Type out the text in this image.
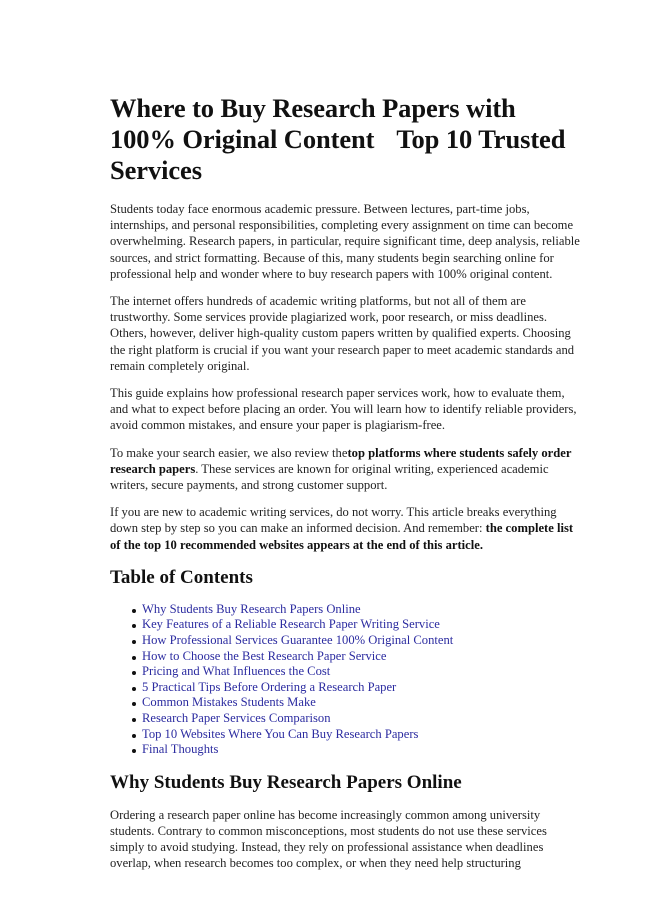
Where to Buy Research Papers with
100% Original Content Top 10 Trusted
Services

Students today face enormous academic pressure. Between lectures, part-time jobs, internships, and personal responsibilities, completing every assignment on time can become overwhelming. Research papers, in particular, require significant time, deep analysis, reliable sources, and strict formatting. Because of this, many students begin searching online for professional help and wonder where to buy research papers with 100% original content.

The internet offers hundreds of academic writing platforms, but not all of them are trustworthy. Some services provide plagiarized work, poor research, or miss deadlines. Others, however, deliver high-quality custom papers written by qualified experts. Choosing the right platform is crucial if you want your research paper to meet academic standards and remain completely original.

This guide explains how professional research paper services work, how to evaluate them, and what to expect before placing an order. You will learn how to identify reliable providers, avoid common mistakes, and ensure your paper is plagiarism-free.

To make your search easier, we also review thetop platforms where students safely order research papers. These services are known for original writing, experienced academic writers, secure payments, and strong customer support.

If you are new to academic writing services, do not worry. This article breaks everything down step by step so you can make an informed decision. And remember: the complete list of the top 10 recommended websites appears at the end of this article.

Table of Contents
Why Students Buy Research Papers Online
Key Features of a Reliable Research Paper Writing Service
How Professional Services Guarantee 100% Original Content
How to Choose the Best Research Paper Service
Pricing and What Influences the Cost
5 Practical Tips Before Ordering a Research Paper
Common Mistakes Students Make
Research Paper Services Comparison
Top 10 Websites Where You Can Buy Research Papers
Final Thoughts
Why Students Buy Research Papers Online

Ordering a research paper online has become increasingly common among university students. Contrary to common misconceptions, most students do not use these services simply to avoid studying. Instead, they rely on professional assistance when deadlines overlap, when research becomes too complex, or when they need help structuring
